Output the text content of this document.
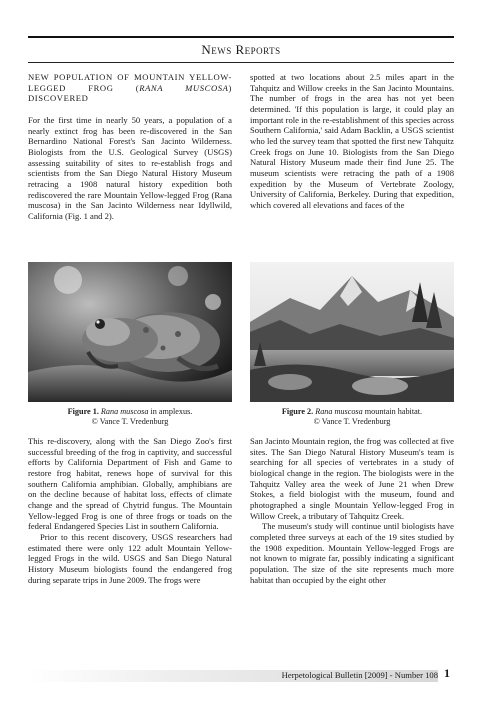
News Reports
NEW POPULATION OF MOUNTAIN YELLOW-LEGGED FROG (RANA MUSCOSA) DISCOVERED

For the first time in nearly 50 years, a population of a nearly extinct frog has been re-discovered in the San Bernardino National Forest's San Jacinto Wilderness. Biologists from the U.S. Geological Survey (USGS) assessing suitability of sites to re-establish frogs and scientists from the San Diego Natural History Museum retracing a 1908 natural history expedition both rediscovered the rare Mountain Yellow-legged Frog (Rana muscosa) in the San Jacinto Wilderness near Idyllwild, California (Fig. 1 and 2).

spotted at two locations about 2.5 miles apart in the Tahquitz and Willow creeks in the San Jacinto Mountains. The number of frogs in the area has not yet been determined. 'If this population is large, it could play an important role in the re-establishment of this species across Southern California,' said Adam Backlin, a USGS scientist who led the survey team that spotted the first new Tahquitz Creek frogs on June 10. Biologists from the San Diego Natural History Museum made their find June 25. The museum scientists were retracing the path of a 1908 expedition by the Museum of Vertebrate Zoology, University of California, Berkeley. During that expedition, which covered all elevations and faces of the

Figure 1. Rana muscosa in amplexus.
© Vance T. Vredenburg
Figure 2. Rana muscosa mountain habitat.
© Vance T. Vredenburg

This re-discovery, along with the San Diego Zoo's first successful breeding of the frog in captivity, and successful efforts by California Department of Fish and Game to restore frog habitat, renews hope of survival for this southern California amphibian. Globally, amphibians are on the decline because of habitat loss, effects of climate change and the spread of Chytrid fungus. The Mountain Yellow-legged Frog is one of three frogs or toads on the federal Endangered Species List in southern California.

Prior to this recent discovery, USGS researchers had estimated there were only 122 adult Mountain Yellow-legged Frogs in the wild. USGS and San Diego Natural History Museum biologists found the endangered frog during separate trips in June 2009. The frogs were

San Jacinto Mountain region, the frog was collected at five sites. The San Diego Natural History Museum's team is searching for all species of vertebrates in a study of biological change in the region. The biologists were in the Tahquitz Valley area the week of June 21 when Drew Stokes, a field biologist with the museum, found and photographed a single Mountain Yellow-legged Frog in Willow Creek, a tributary of Tahquitz Creek.

The museum's study will continue until biologists have completed three surveys at each of the 19 sites studied by the 1908 expedition. Mountain Yellow-legged Frogs are not known to migrate far, possibly indicating a significant population. The size of the site represents much more habitat than occupied by the eight other

Herpetological Bulletin [2009] - Number 108 1
